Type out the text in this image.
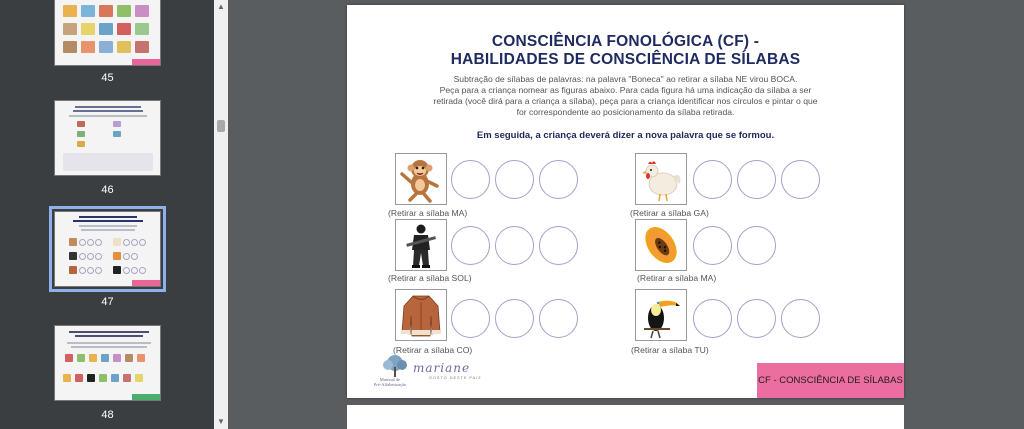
45
46
47
48
▲
▼
CONSCIÊNCIA FONOLÓGICA (CF) -
HABILIDADES DE CONSCIÊNCIA DE SÍLABAS
Subtração de sílabas de palavras: na palavra "Boneca" ao retirar a sílaba NE virou BOCA.
Peça para a criança nomear as figuras abaixo. Para cada figura há uma indicação da sílaba a ser
retirada (você dirá para a criança a sílaba), peça para a criança identificar nos círculos e pintar o que
for correspondente ao posicionamento da sílaba retirada.
Em seguida, a criança deverá dizer a nova palavra que se formou.
(Retirar a sílaba MA)	(Retirar a sílaba GA)
(Retirar a sílaba SOL)	(Retirar a sílaba MA)
(Retirar a sílaba CO)	(Retirar a sílaba TU)
Material de
Pré-Alfabetização
mariane
GOSTO DESTE PAIZ	CF - CONSCIÊNCIA DE SÍLABAS
